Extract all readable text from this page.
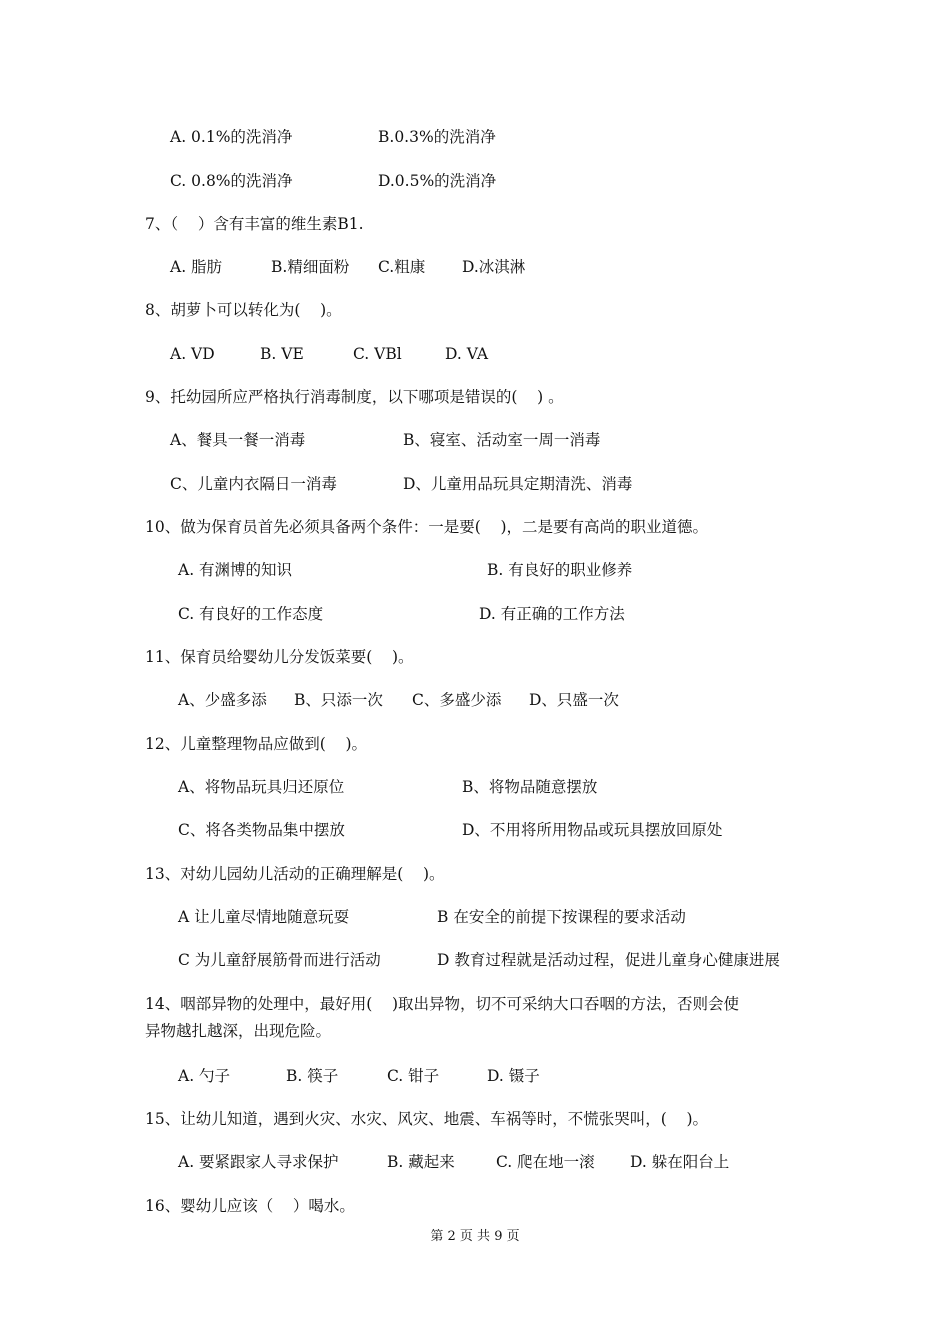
A. 0.1%的洗消净	B.0.3%的洗消净
C. 0.8%的洗消净	D.0.5%的洗消净
7、（    ）含有丰富的维生素B1.
A. 脂肪	B.精细面粉 C.粗康 D.冰淇淋
8、胡萝卜可以转化为(    )。
A. VD	B. VE	C. VBl	D. VA
9、托幼园所应严格执行消毒制度，以下哪项是错误的(    ) 。
A、餐具一餐一消毒	B、寝室、活动室一周一消毒
C、儿童内衣隔日一消毒	D、儿童用品玩具定期清洗、消毒
10、做为保育员首先必须具备两个条件：一是要(    )，二是要有高尚的职业道德。
A. 有渊博的知识	B. 有良好的职业修养
C. 有良好的工作态度	D. 有正确的工作方法
11、保育员给婴幼儿分发饭菜要(    )。
A、少盛多添 B、只添一次 C、多盛少添 D、只盛一次
12、儿童整理物品应做到(    )。
A、将物品玩具归还原位	B、将物品随意摆放
C、将各类物品集中摆放	D、不用将所用物品或玩具摆放回原处
13、对幼儿园幼儿活动的正确理解是(    )。
A 让儿童尽情地随意玩耍	B 在安全的前提下按课程的要求活动
C 为儿童舒展筋骨而进行活动	D 教育过程就是活动过程，促进儿童身心健康进展
14、咽部异物的处理中，最好用(    )取出异物，切不可采纳大口吞咽的方法，否则会使
异物越扎越深，出现危险。
A. 勺子	B. 筷子	C. 钳子	D. 镊子
15、让幼儿知道，遇到火灾、水灾、风灾、地震、车祸等时，不慌张哭叫，(    )。
A. 要紧跟家人寻求保护	B. 藏起来	C. 爬在地一滚 D. 躲在阳台上
16、婴幼儿应该（    ）喝水。
第 2 页 共 9 页
